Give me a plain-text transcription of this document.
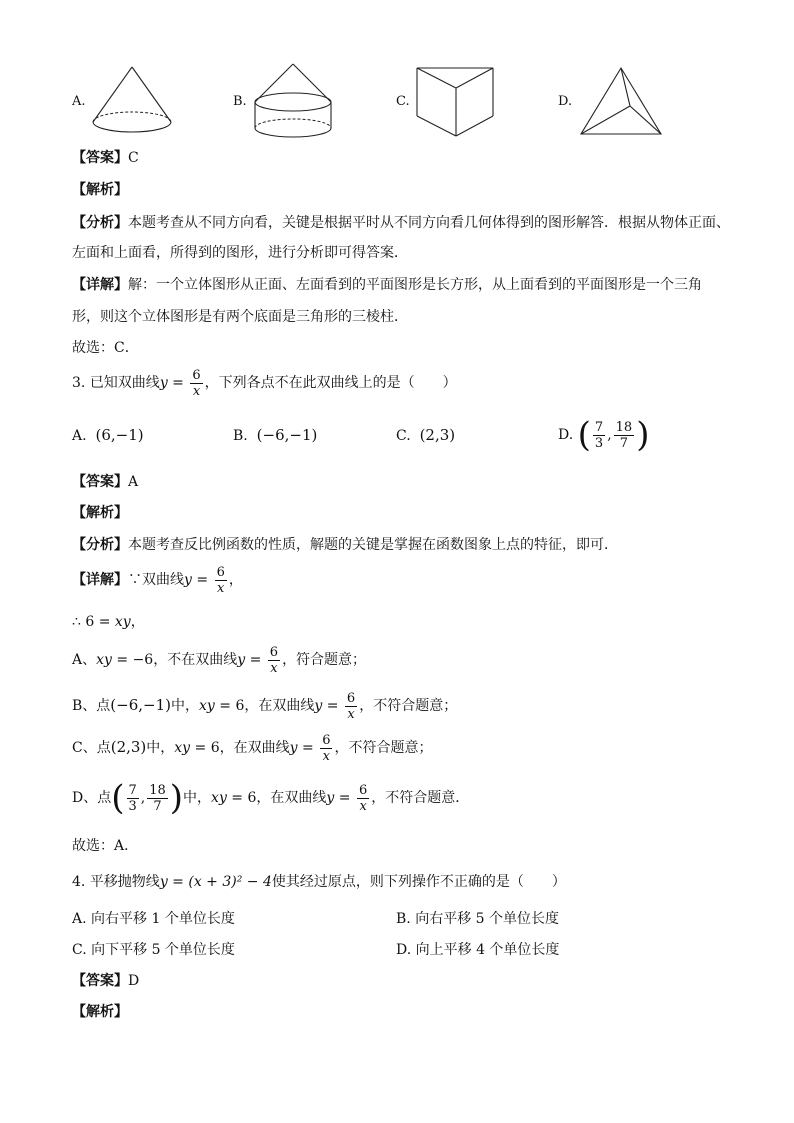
A.	B.	C.	D.
【答案】C
【解析】
【分析】本题考查从不同方向看，关键是根据平时从不同方向看几何体得到的图形解答．根据从物体正面、
左面和上面看，所得到的图形，进行分析即可得答案．
【详解】解：一个立体图形从正面、左面看到的平面图形是长方形，从上面看到的平面图形是一个三角
形，则这个立体图形是有两个底面是三角形的三棱柱．
故选：C．
3. 已知双曲线$y = \frac{6}{x}$ ，下列各点不在此双曲线上的是（　　）
A. (6,−1)	B. (−6,−1)	C. (2,3)	D. ( $\frac{7}{3}$ , $\frac{18}{7}$ )
【答案】A
【解析】
【分析】本题考查反比例函数的性质，解题的关键是掌握在函数图象上点的特征，即可．
【详解】∵双曲线$y = \frac{6}{x}$ ，
∴ 6 = xy，
A、xy = −6，不在双曲线$y = \frac{6}{x}$ ，符合题意；
B、点(−6,−1)中，xy = 6，在双曲线$y = \frac{6}{x}$ ，不符合题意；
C、点(2,3)中，xy = 6，在双曲线$y = \frac{6}{x}$ ，不符合题意；
D、点( $\frac{7}{3}$ , $\frac{18}{7}$ )中，xy = 6，在双曲线$y = \frac{6}{x}$ ，不符合题意．
故选：A．
4. 平移抛物线y = (x + 3)² − 4使其经过原点，则下列操作不正确的是（　　）
A. 向右平移 1 个单位长度	B. 向右平移 5 个单位长度
C. 向下平移 5 个单位长度	D. 向上平移 4 个单位长度
【答案】D
【解析】
